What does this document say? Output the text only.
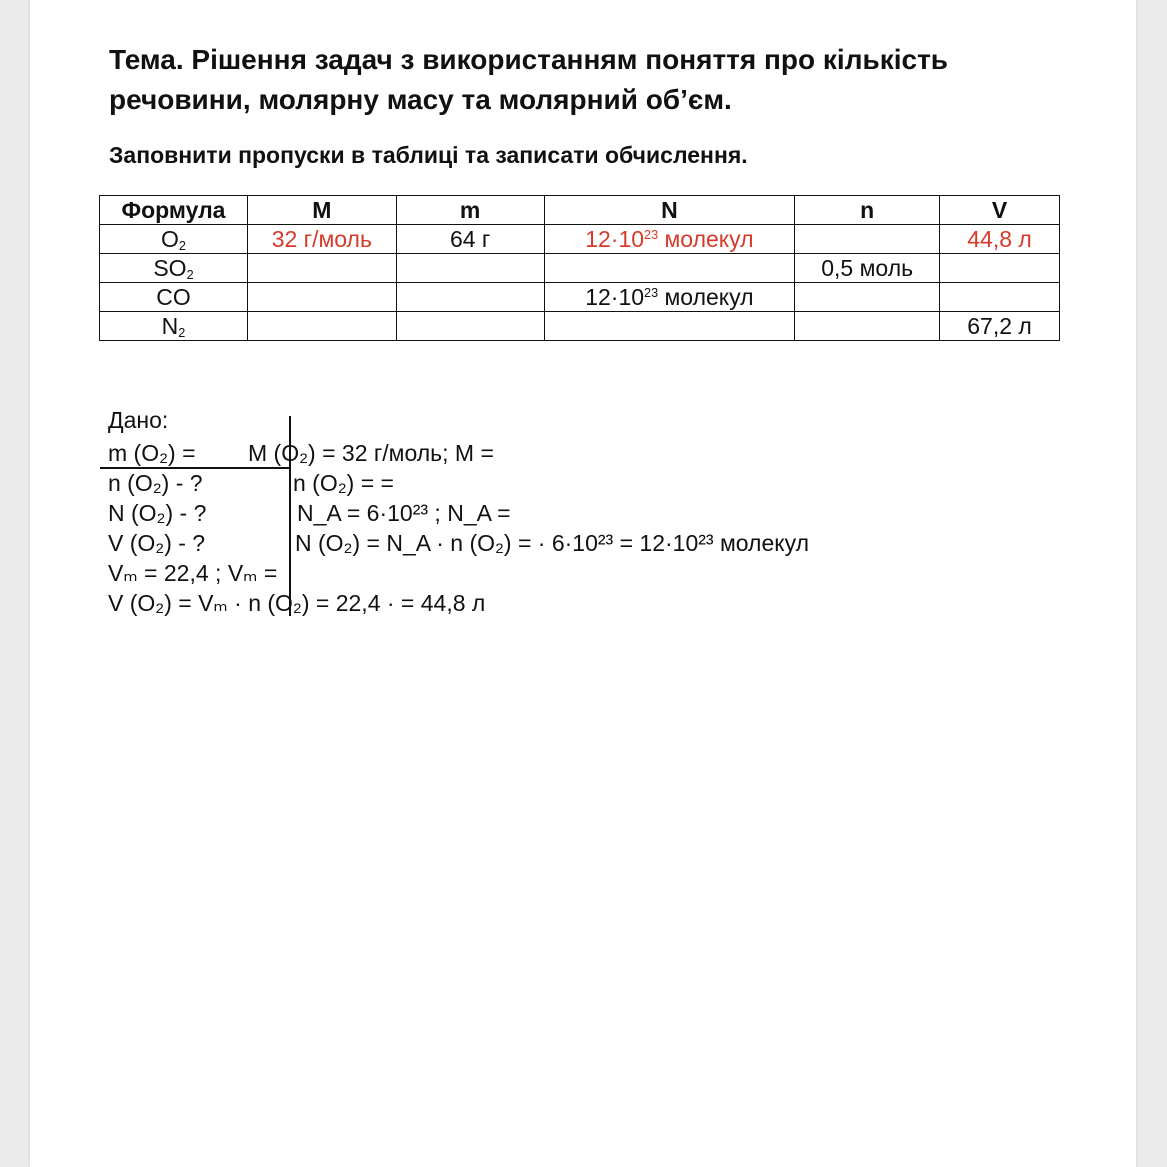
Тема. Рішення задач з використанням поняття про кількість речовини, молярну масу та молярний об’єм.

Заповнити пропуски в таблиці та записати обчислення.

Формула	M	m	N	n	V
$O_2$	32 г/моль	64 г	$12\cdot 10^{23}$ молекул		44,8 л
$SO_2$				0,5 моль	
CO			$12\cdot 10^{23}$ молекул		
$N_2$					67,2 л
Дано:
m (O₂) =
n (O₂) - ?
N (O₂) - ?
V (O₂) - ?
Vₘ = 22,4 ; Vₘ =
V (O₂) = Vₘ · n (O₂) = 22,4 · = 44,8 л
M (O₂) = 32 г/моль; M =
n (O₂) = =
N_A = 6·10²³ ; N_A =
N (O₂) = N_A · n (O₂) = · 6·10²³ = 12·10²³ молекул
